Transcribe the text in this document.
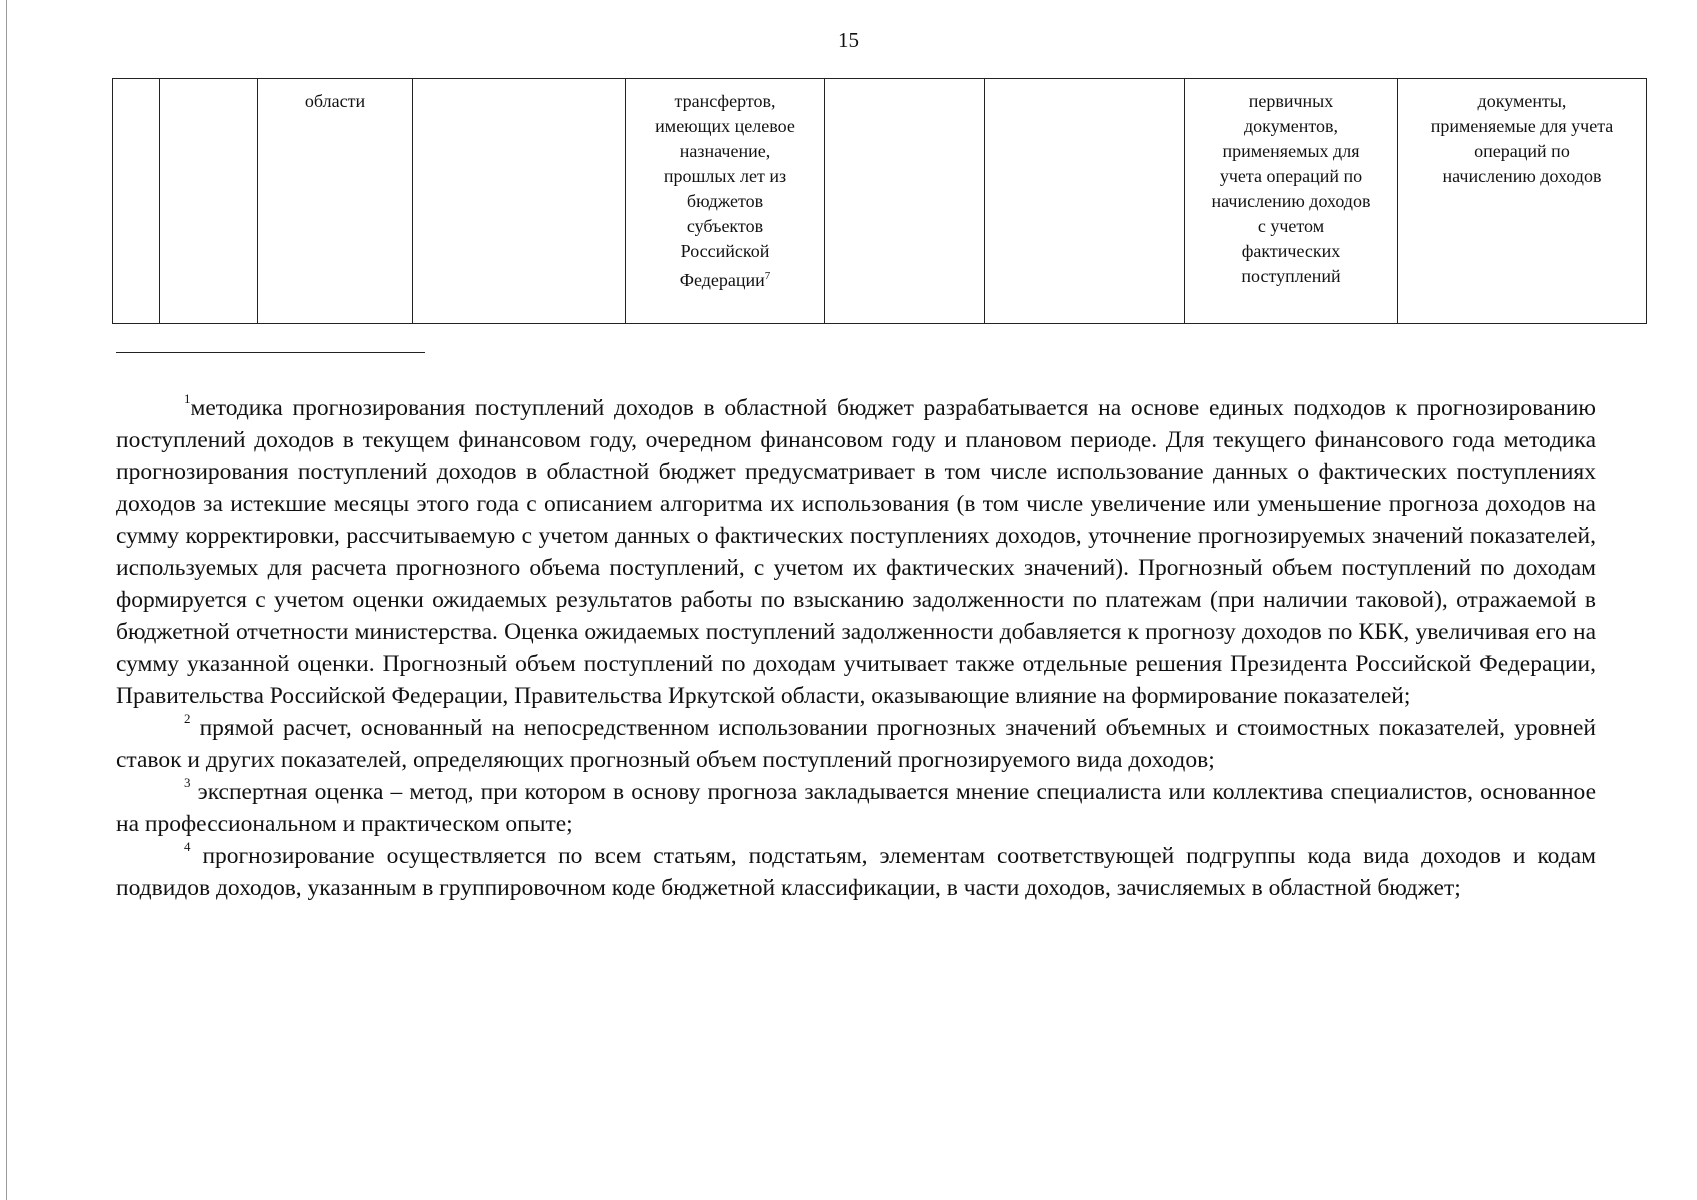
15
		области		трансфертов,
имеющих целевое
назначение,
прошлых лет из
бюджетов
субъектов
Российской
Федерации$^7$			первичных
документов,
применяемых для
учета операций по
начислению доходов
с учетом
фактических
поступлений	документы,
применяемые для учета
операций по
начислению доходов

$^1$методика прогнозирования поступлений доходов в областной бюджет разрабатывается на основе единых подходов к прогнозированию поступлений доходов в текущем финансовом году, очередном финансовом году и плановом периоде. Для текущего финансового года методика прогнозирования поступлений доходов в областной бюджет предусматривает в том числе использование данных о фактических поступлениях доходов за истекшие месяцы этого года с описанием алгоритма их использования (в том числе увеличение или уменьшение прогноза доходов на сумму корректировки, рассчитываемую с учетом данных о фактических поступлениях доходов, уточнение прогнозируемых значений показателей, используемых для расчета прогнозного объема поступлений, с учетом их фактических значений). Прогнозный объем поступлений по доходам формируется с учетом оценки ожидаемых результатов работы по взысканию задолженности по платежам (при наличии таковой), отражаемой в бюджетной отчетности министерства. Оценка ожидаемых поступлений задолженности добавляется к прогнозу доходов по КБК, увеличивая его на сумму указанной оценки. Прогнозный объем поступлений по доходам учитывает также отдельные решения Президента Российской Федерации, Правительства Российской Федерации, Правительства Иркутской области, оказывающие влияние на формирование показателей;

$^2$ прямой расчет, основанный на непосредственном использовании прогнозных значений объемных и стоимостных показателей, уровней ставок и других показателей, определяющих прогнозный объем поступлений прогнозируемого вида доходов;

$^3$ экспертная оценка – метод, при котором в основу прогноза закладывается мнение специалиста или коллектива специалистов, основанное на профессиональном и практическом опыте;

$^4$ прогнозирование осуществляется по всем статьям, подстатьям, элементам соответствующей подгруппы кода вида доходов и кодам подвидов доходов, указанным в группировочном коде бюджетной классификации, в части доходов, зачисляемых в областной бюджет;
